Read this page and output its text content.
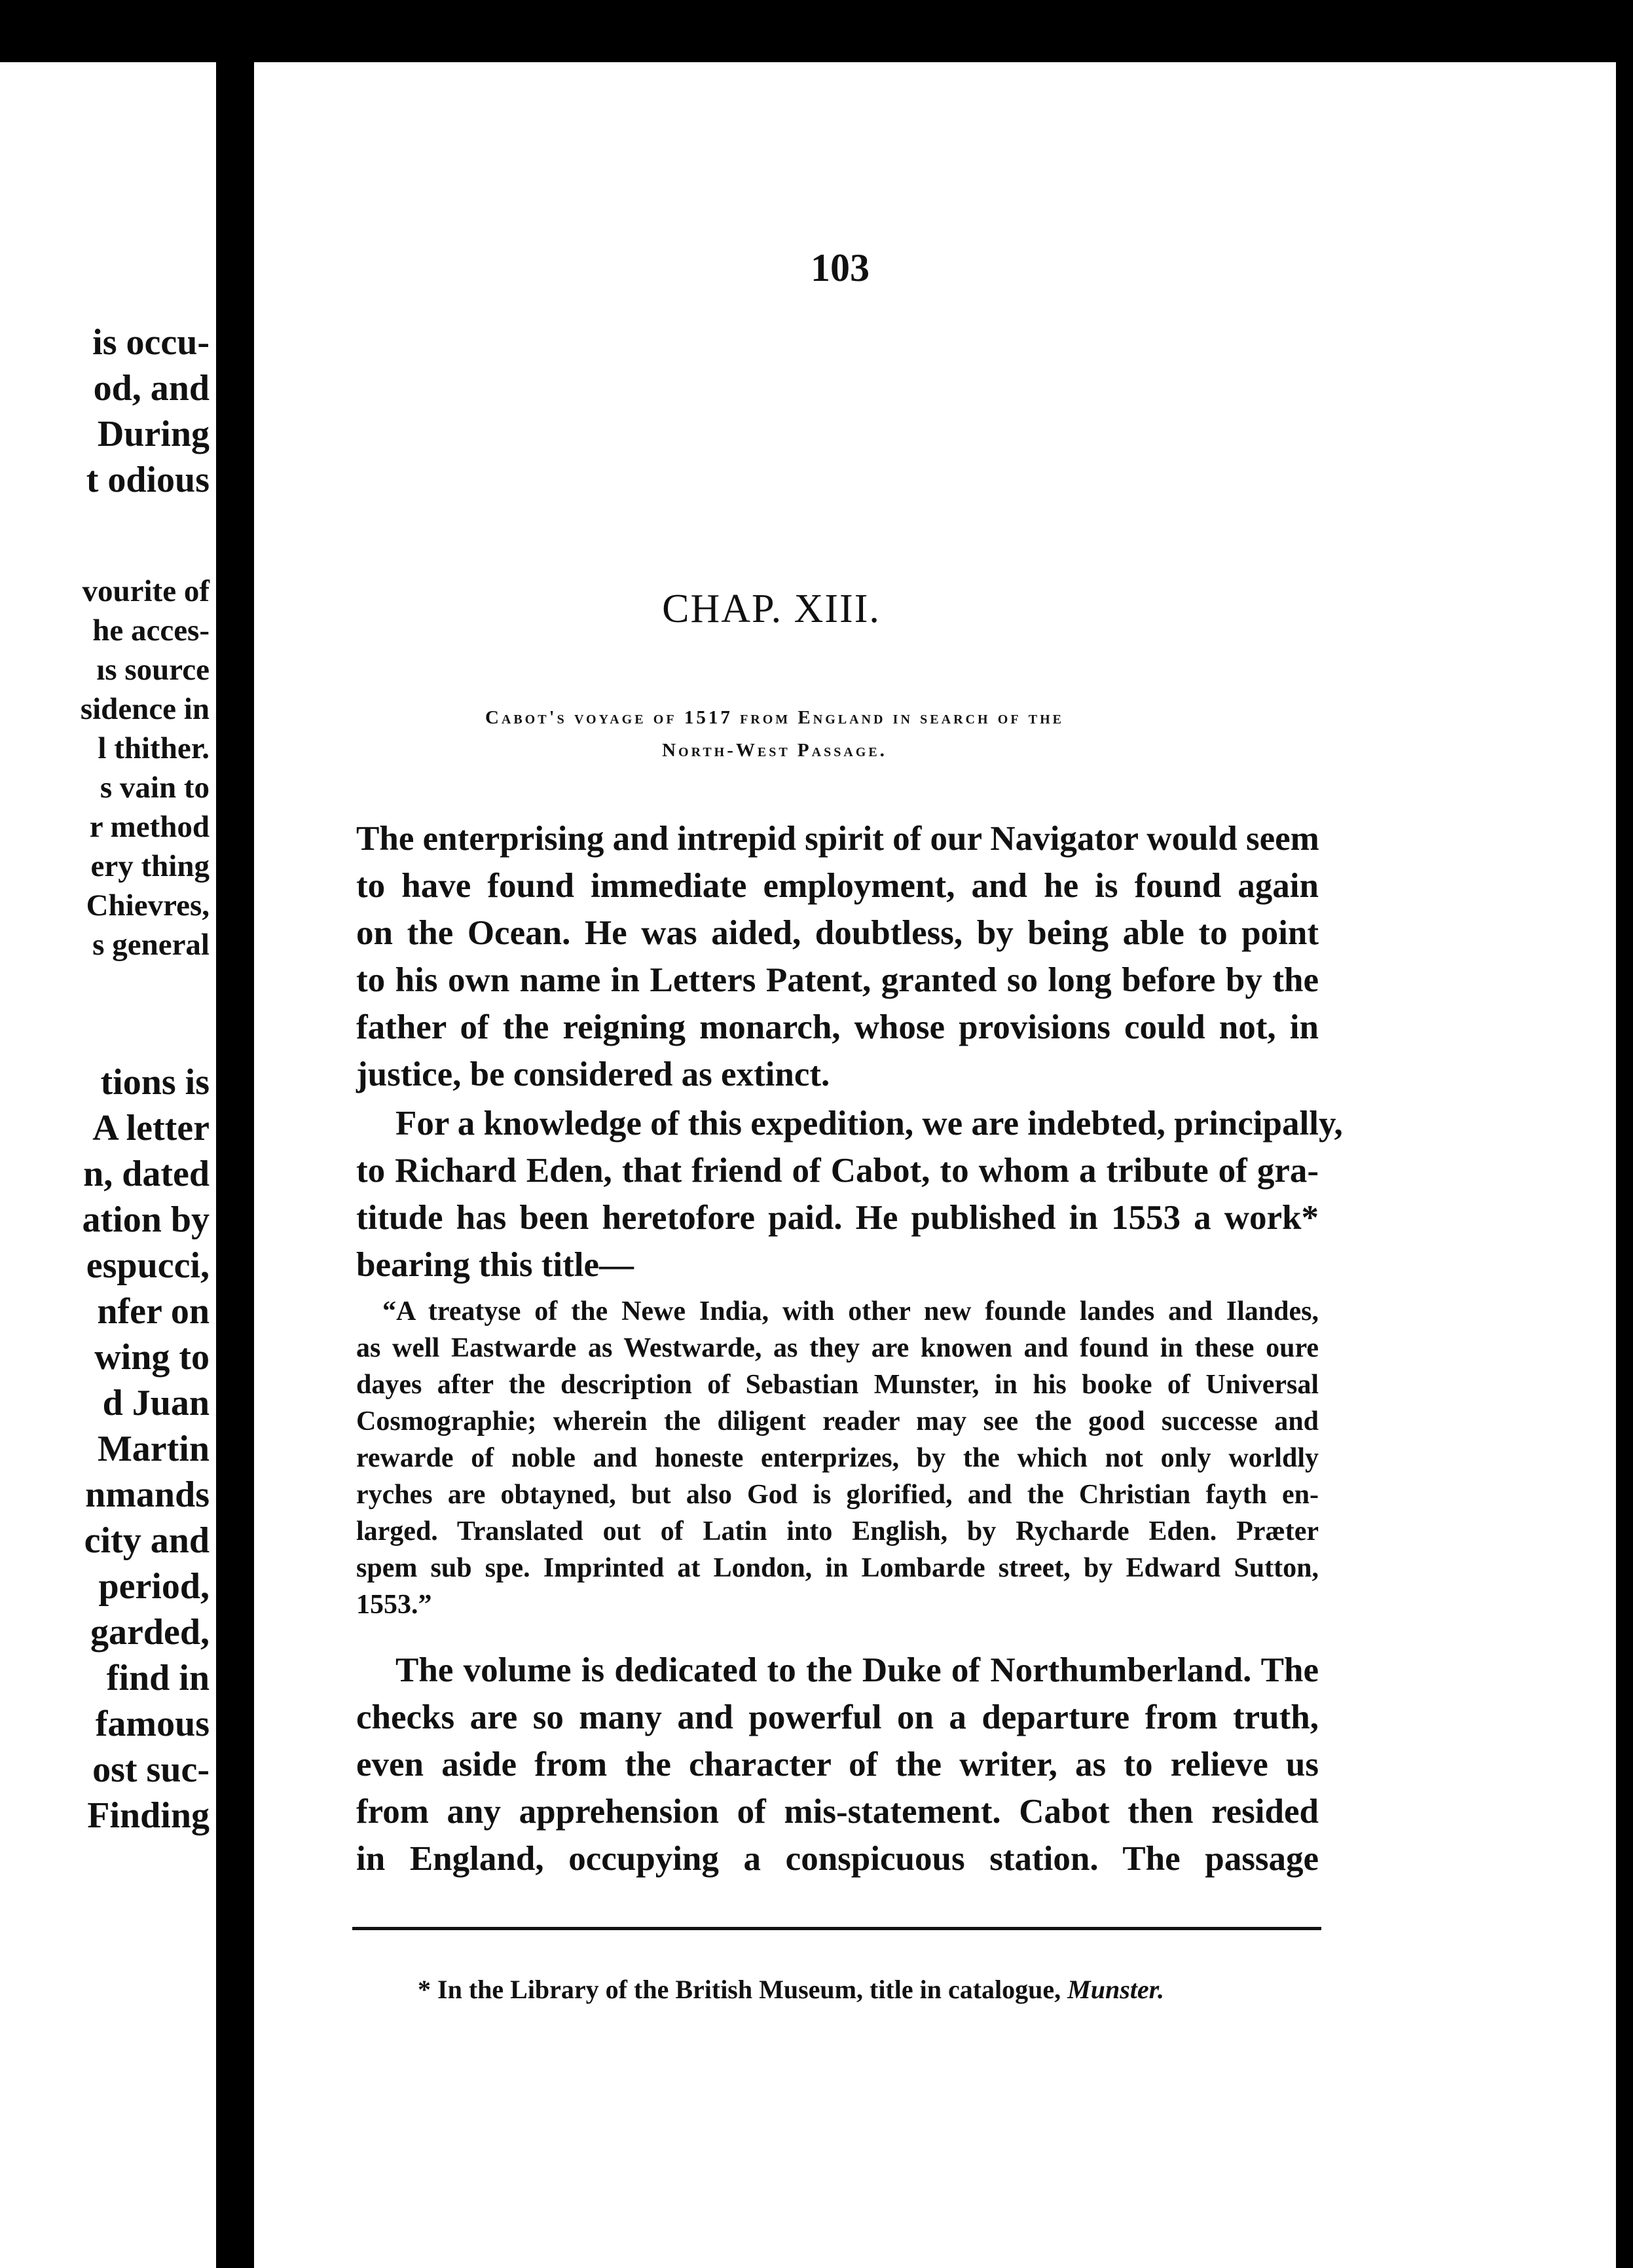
is occu-
od, and
During
t odious
vourite of
he acces-
ıs source
sidence in
l thither.
s vain to
r method
ery thing
Chievres,
s general
tions is
A letter
n, dated
ation by
espucci,
nfer on
wing to
d Juan
Martin
nmands
city and
period,
garded,
find in
famous
ost suc-
Finding
103
CHAP. XIII.
Cabot's voyage of 1517 from England in search of the
North-West Passage.
The enterprising and intrepid spirit of our Navigator would seem
to have found immediate employment, and he is found again
on the Ocean. He was aided, doubtless, by being able to point
to his own name in Letters Patent, granted so long before by the
father of the reigning monarch, whose provisions could not, in
justice, be considered as extinct.
For a knowledge of this expedition, we are indebted, principally,
to Richard Eden, that friend of Cabot, to whom a tribute of gra-
titude has been heretofore paid. He published in 1553 a work*
bearing this title—
“A treatyse of the Newe India, with other new founde landes and Ilandes,
as well Eastwarde as Westwarde, as they are knowen and found in these oure
dayes after the description of Sebastian Munster, in his booke of Universal
Cosmographie; wherein the diligent reader may see the good successe and
rewarde of noble and honeste enterprizes, by the which not only worldly
ryches are obtayned, but also God is glorified, and the Christian fayth en-
larged. Translated out of Latin into English, by Rycharde Eden. Præter
spem sub spe. Imprinted at London, in Lombarde street, by Edward Sutton,
1553.”
The volume is dedicated to the Duke of Northumberland. The
checks are so many and powerful on a departure from truth,
even aside from the character of the writer, as to relieve us
from any apprehension of mis-statement. Cabot then resided
in England, occupying a conspicuous station. The passage
* In the Library of the British Museum, title in catalogue, Munster.
